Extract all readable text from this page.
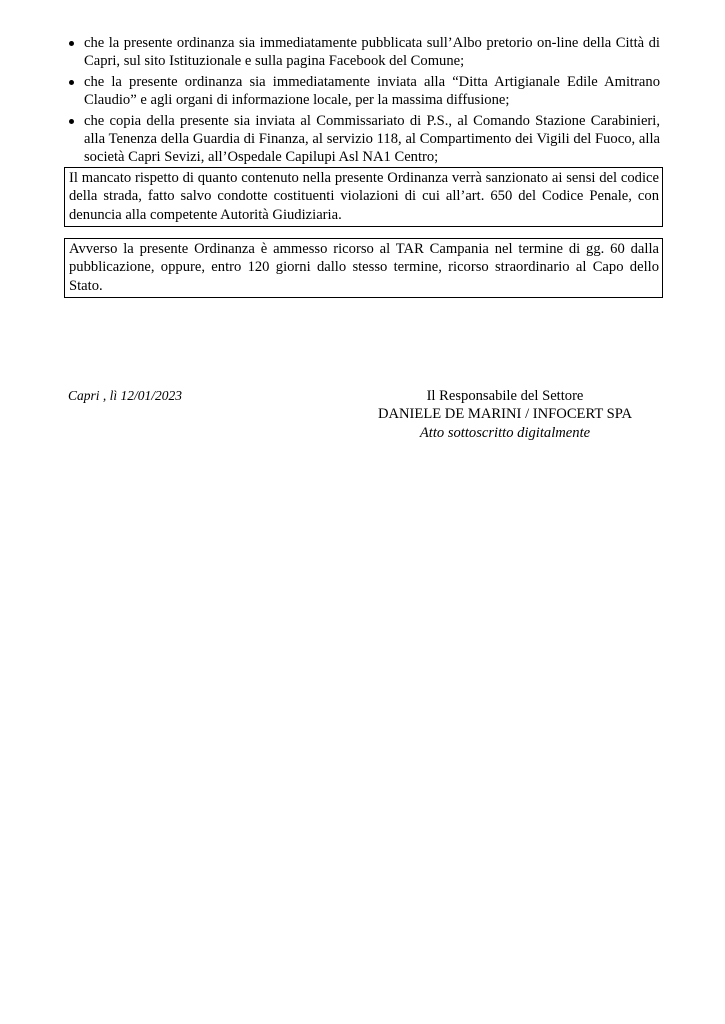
che la presente ordinanza sia immediatamente pubblicata sull’Albo pretorio on-line della Città di Capri, sul sito Istituzionale e sulla pagina Facebook del Comune;
che la presente ordinanza sia immediatamente inviata alla “Ditta Artigianale Edile Amitrano Claudio” e agli organi di informazione locale, per la massima diffusione;
che copia della presente sia inviata al Commissariato di P.S., al Comando Stazione Carabinieri, alla Tenenza della Guardia di Finanza, al servizio 118, al Compartimento dei Vigili del Fuoco, alla società Capri Sevizi, all’Ospedale Capilupi Asl NA1 Centro;
Il mancato rispetto di quanto contenuto nella presente Ordinanza verrà sanzionato ai sensi del codice della strada, fatto salvo condotte costituenti violazioni di cui all’art. 650 del Codice Penale, con denuncia alla competente Autorità Giudiziaria.
Avverso la presente Ordinanza è ammesso ricorso al TAR Campania nel termine di gg. 60 dalla pubblicazione, oppure, entro 120 giorni dallo stesso termine, ricorso straordinario al Capo dello Stato.
Capri , lì 12/01/2023	Il Responsabile del Settore
DANIELE DE MARINI / INFOCERT SPA
Atto sottoscritto digitalmente
